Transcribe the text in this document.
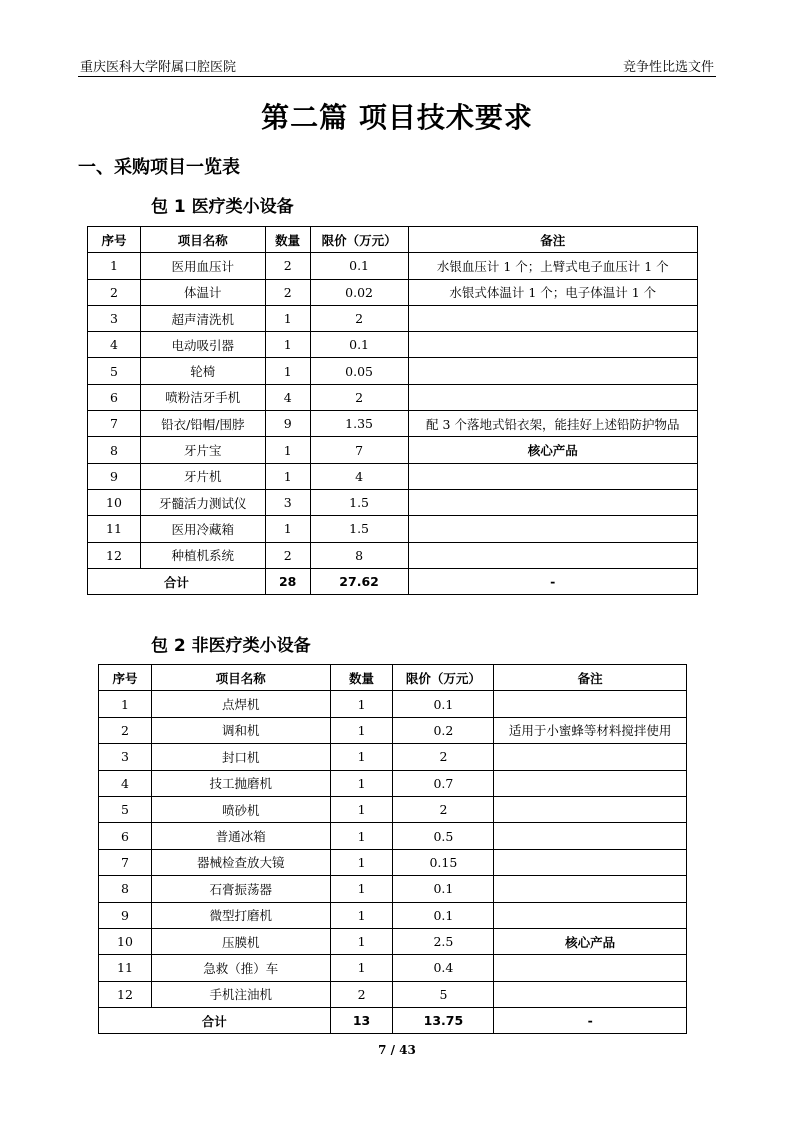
重庆医科大学附属口腔医院	竞争性比选文件
第二篇 项目技术要求
一、采购项目一览表
包 1 医疗类小设备
序号	项目名称	数量	限价（万元）	备注
1	医用血压计	2	0.1	水银血压计 1 个；上臂式电子血压计 1 个
2	体温计	2	0.02	水银式体温计 1 个；电子体温计 1 个
3	超声清洗机	1	2	
4	电动吸引器	1	0.1	
5	轮椅	1	0.05	
6	喷粉洁牙手机	4	2	
7	铅衣/铅帽/围脖	9	1.35	配 3 个落地式铅衣架，能挂好上述铅防护物品
8	牙片宝	1	7	核心产品
9	牙片机	1	4	
10	牙髓活力测试仪	3	1.5	
11	医用冷藏箱	1	1.5	
12	种植机系统	2	8	
合计		28	27.62	-
包 2 非医疗类小设备
序号	项目名称	数量	限价（万元）	备注
1	点焊机	1	0.1	
2	调和机	1	0.2	适用于小蜜蜂等材料搅拌使用
3	封口机	1	2	
4	技工抛磨机	1	0.7	
5	喷砂机	1	2	
6	普通冰箱	1	0.5	
7	器械检查放大镜	1	0.15	
8	石膏振荡器	1	0.1	
9	微型打磨机	1	0.1	
10	压膜机	1	2.5	核心产品
11	急救（推）车	1	0.4	
12	手机注油机	2	5	
合计		13	13.75	-
7 / 43
